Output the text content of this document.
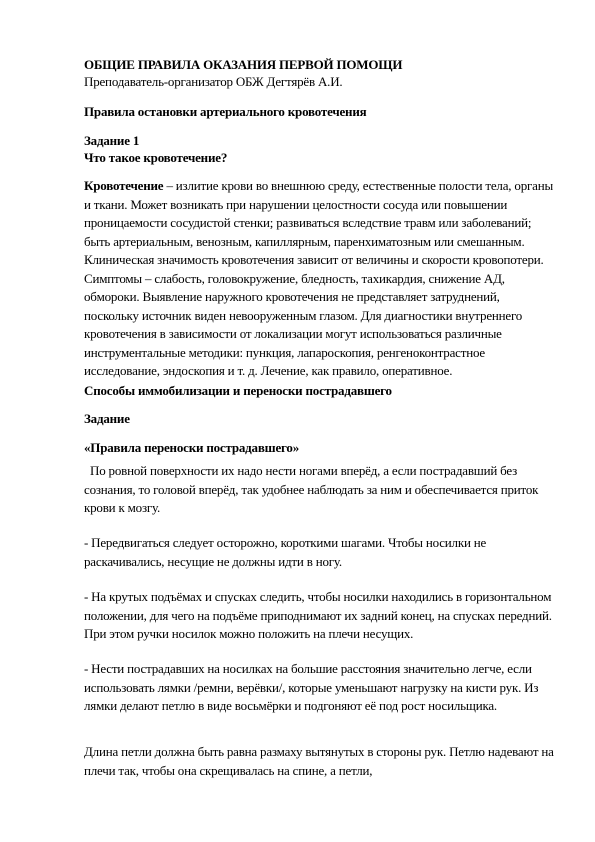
ОБЩИЕ ПРАВИЛА ОКАЗАНИЯ ПЕРВОЙ ПОМОЩИ
Преподаватель-организатор ОБЖ Дегтярёв А.И.
Правила остановки артериального кровотечения
Задание 1
Что такое кровотечение?
Кровотечение – излитие крови во внешнюю среду, естественные полости тела, органы и ткани. Может возникать при нарушении целостности сосуда или повышении проницаемости сосудистой стенки; развиваться вследствие травм или заболеваний; быть артериальным, венозным, капиллярным, паренхиматозным или смешанным. Клиническая значимость кровотечения зависит от величины и скорости кровопотери. Симптомы – слабость, головокружение, бледность, тахикардия, снижение АД, обмороки. Выявление наружного кровотечения не представляет затруднений, поскольку источник виден невооруженным глазом. Для диагностики внутреннего кровотечения в зависимости от локализации могут использоваться различные инструментальные методики: пункция, лапароскопия, ренгеноконтрастное исследование, эндоскопия и т. д. Лечение, как правило, оперативное.
Способы иммобилизации и переноски пострадавшего
Задание
«Правила переноски пострадавшего»
По ровной поверхности их надо нести ногами вперёд, а если пострадавший без сознания, то головой вперёд, так удобнее наблюдать за ним и обеспечивается приток крови к мозгу.
- Передвигаться следует осторожно, короткими шагами. Чтобы носилки не раскачивались, несущие не должны идти в ногу.
- На крутых подъёмах и спусках следить, чтобы носилки находились в горизонтальном положении, для чего на подъёме приподнимают их задний конец, на спусках передний. При этом ручки носилок можно положить на плечи несущих.
- Нести пострадавших на носилках на большие расстояния значительно легче, если использовать лямки /ремни, верёвки/, которые уменьшают нагрузку на кисти рук. Из лямки делают петлю в виде восьмёрки и подгоняют её под рост носильщика.
Длина петли должна быть равна размаху вытянутых в стороны рук. Петлю надевают на плечи так, чтобы она скрещивалась на спине, а петли,
